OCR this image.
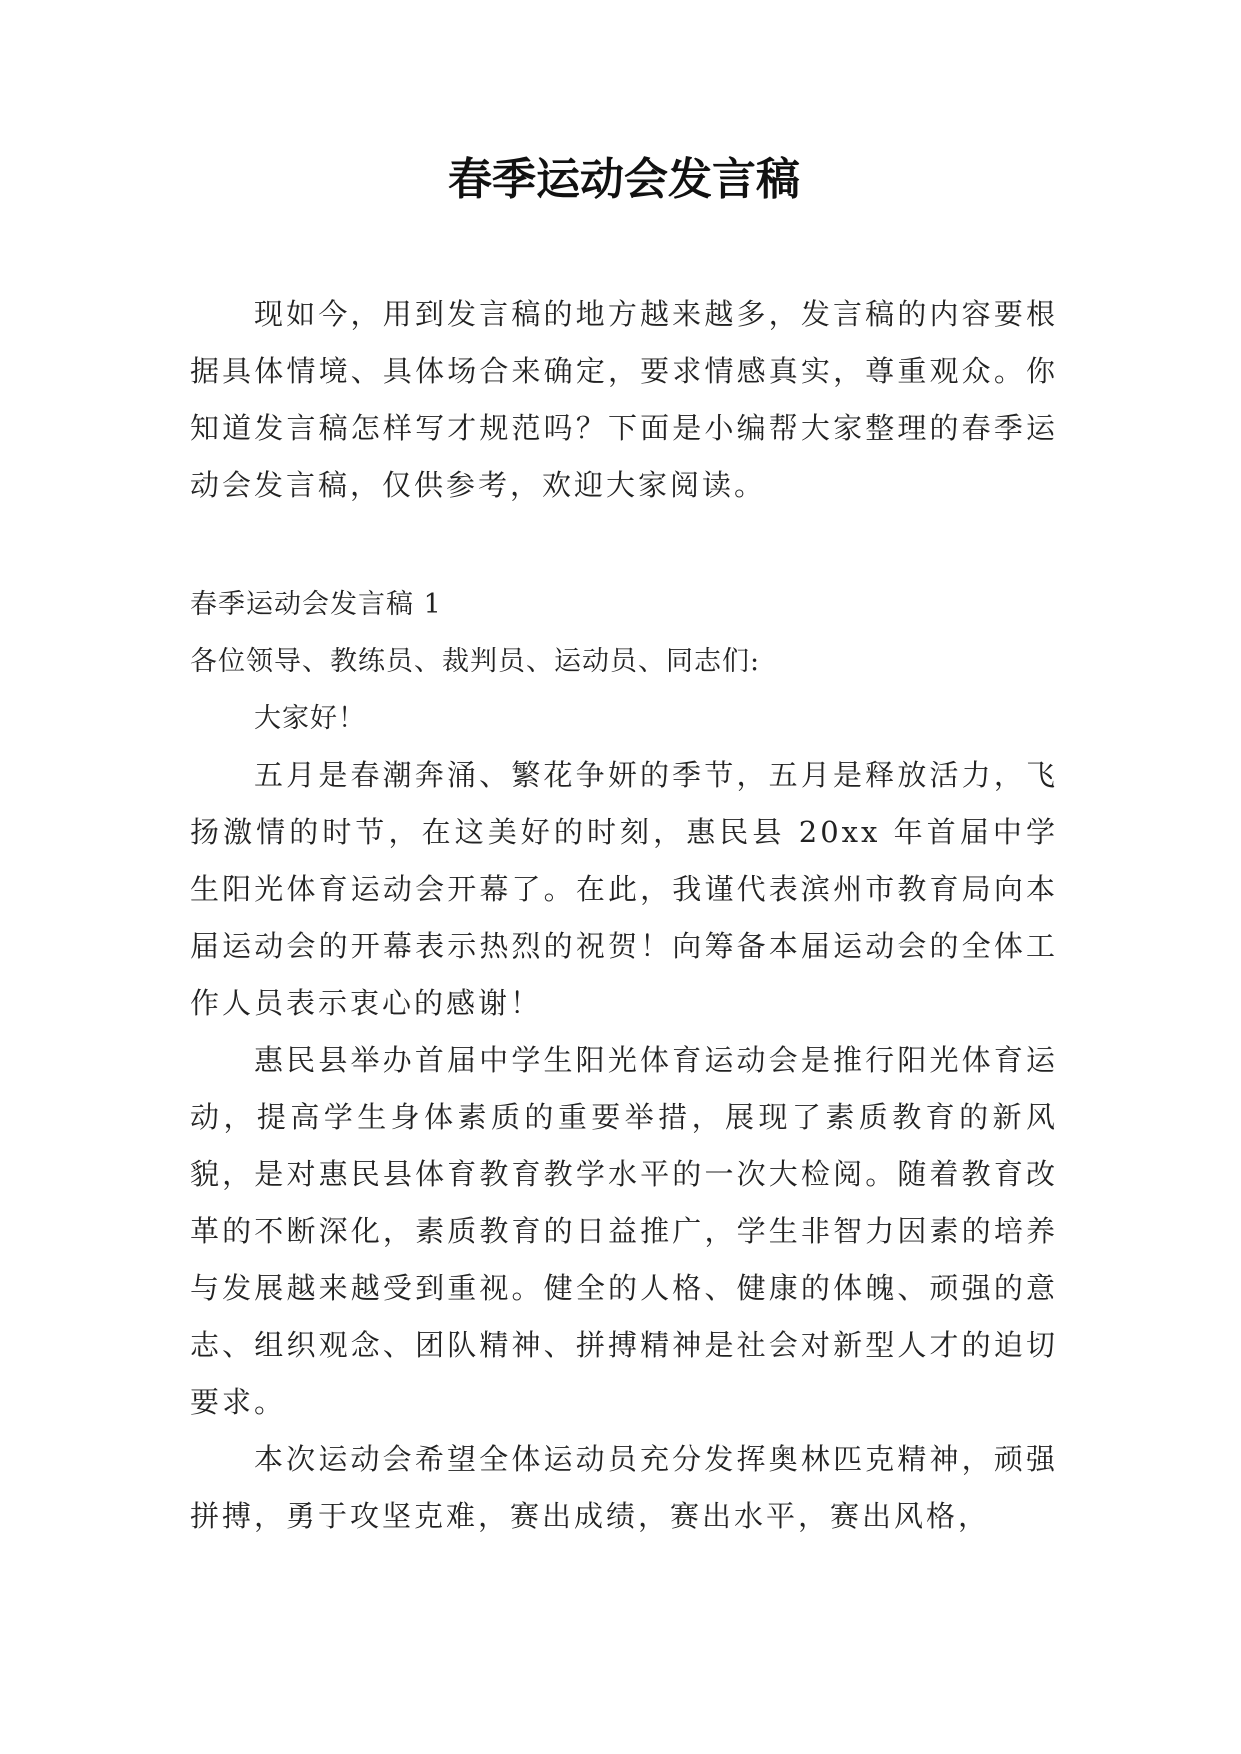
春季运动会发言稿

现如今，用到发言稿的地方越来越多，发言稿的内容要根据具体情境、具体场合来确定，要求情感真实，尊重观众。你知道发言稿怎样写才规范吗？下面是小编帮大家整理的春季运动会发言稿，仅供参考，欢迎大家阅读。

春季运动会发言稿 1

各位领导、教练员、裁判员、运动员、同志们:

大家好！

五月是春潮奔涌、繁花争妍的季节，五月是释放活力，飞扬激情的时节，在这美好的时刻，惠民县 20xx 年首届中学生阳光体育运动会开幕了。在此，我谨代表滨州市教育局向本届运动会的开幕表示热烈的祝贺！向筹备本届运动会的全体工作人员表示衷心的感谢！

惠民县举办首届中学生阳光体育运动会是推行阳光体育运动，提高学生身体素质的重要举措，展现了素质教育的新风貌，是对惠民县体育教育教学水平的一次大检阅。随着教育改革的不断深化，素质教育的日益推广，学生非智力因素的培养与发展越来越受到重视。健全的人格、健康的体魄、顽强的意志、组织观念、团队精神、拼搏精神是社会对新型人才的迫切要求。

本次运动会希望全体运动员充分发挥奥林匹克精神，顽强拼搏，勇于攻坚克难，赛出成绩，赛出水平，赛出风格，
